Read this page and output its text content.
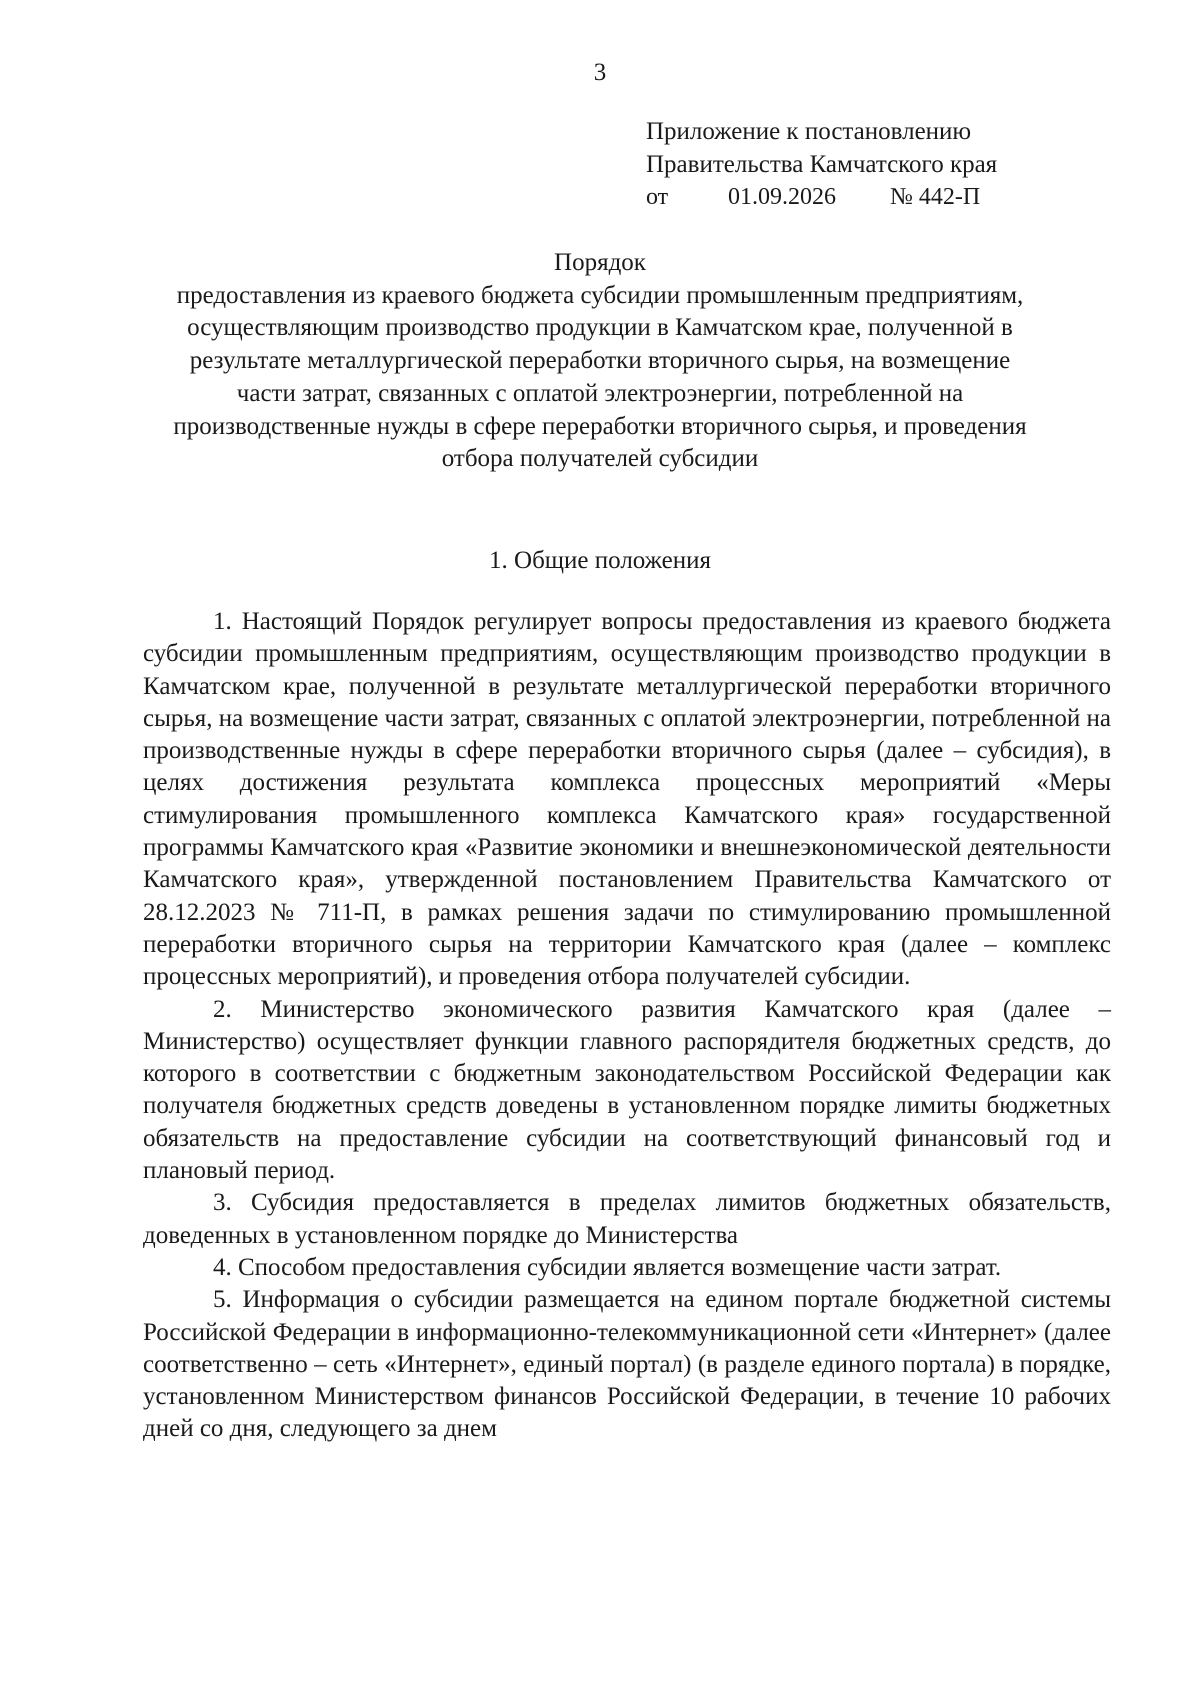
3
Приложение к постановлению
Правительства Камчатского края
от 01.09.2026 № 442-П
Порядок
предоставления из краевого бюджета субсидии промышленным предприятиям,
осуществляющим производство продукции в Камчатском крае, полученной в
результате металлургической переработки вторичного сырья, на возмещение
части затрат, связанных с оплатой электроэнергии, потребленной на
производственные нужды в сфере переработки вторичного сырья, и проведения
отбора получателей субсидии
1. Общие положения

1. Настоящий Порядок регулирует вопросы предоставления из краевого бюджета субсидии промышленным предприятиям, осуществляющим производство продукции в Камчатском крае, полученной в результате металлургической переработки вторичного сырья, на возмещение части затрат, связанных с оплатой электроэнергии, потребленной на производственные нужды в сфере переработки вторичного сырья (далее – субсидия), в целях достижения результата комплекса процессных мероприятий «Меры стимулирования промышленного комплекса Камчатского края» государственной программы Камчатского края «Развитие экономики и внешнеэкономической деятельности Камчатского края», утвержденной постановлением Правительства Камчатского от 28.12.2023 № 711-П, в рамках решения задачи по стимулированию промышленной переработки вторичного сырья на территории Камчатского края (далее – комплекс процессных мероприятий), и проведения отбора получателей субсидии.

2. Министерство экономического развития Камчатского края (далее – Министерство) осуществляет функции главного распорядителя бюджетных средств, до которого в соответствии с бюджетным законодательством Российской Федерации как получателя бюджетных средств доведены в установленном порядке лимиты бюджетных обязательств на предоставление субсидии на соответствующий финансовый год и плановый период.

3. Субсидия предоставляется в пределах лимитов бюджетных обязательств, доведенных в установленном порядке до Министерства

4. Способом предоставления субсидии является возмещение части затрат.

5. Информация о субсидии размещается на едином портале бюджетной системы Российской Федерации в информационно-телекоммуникационной сети «Интернет» (далее соответственно – сеть «Интернет», единый портал) (в разделе единого портала) в порядке, установленном Министерством финансов Российской Федерации, в течение 10 рабочих дней со дня, следующего за днем
